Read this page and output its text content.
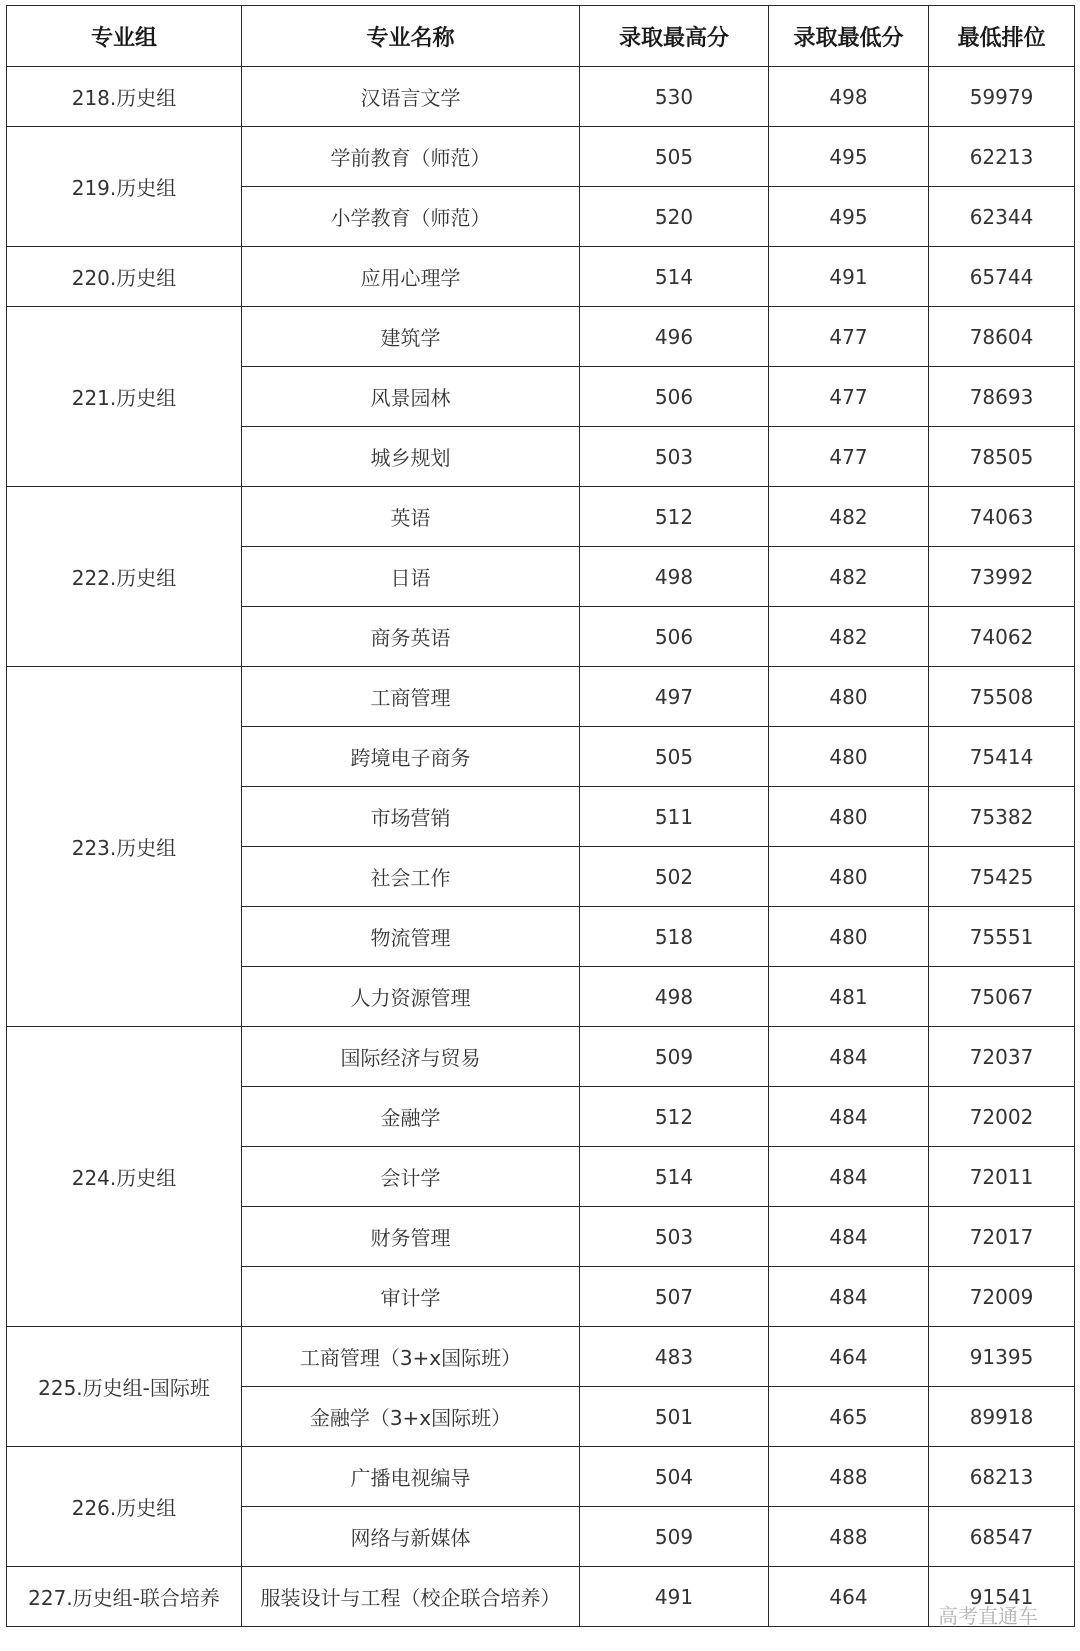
专业组	专业名称	录取最高分	录取最低分	最低排位
218.历史组	汉语言文学	530	498	59979
219.历史组	学前教育（师范）	505	495	62213
	小学教育（师范）	520	495	62344
220.历史组	应用心理学	514	491	65744
221.历史组	建筑学	496	477	78604
	风景园林	506	477	78693
	城乡规划	503	477	78505
222.历史组	英语	512	482	74063
	日语	498	482	73992
	商务英语	506	482	74062
223.历史组	工商管理	497	480	75508
	跨境电子商务	505	480	75414
	市场营销	511	480	75382
	社会工作	502	480	75425
	物流管理	518	480	75551
	人力资源管理	498	481	75067
224.历史组	国际经济与贸易	509	484	72037
	金融学	512	484	72002
	会计学	514	484	72011
	财务管理	503	484	72017
	审计学	507	484	72009
225.历史组-国际班	工商管理（3+x国际班）	483	464	91395
	金融学（3+x国际班）	501	465	89918
226.历史组	广播电视编导	504	488	68213
	网络与新媒体	509	488	68547
227.历史组-联合培养	服装设计与工程（校企联合培养）	491	464	91541
高考直通车
